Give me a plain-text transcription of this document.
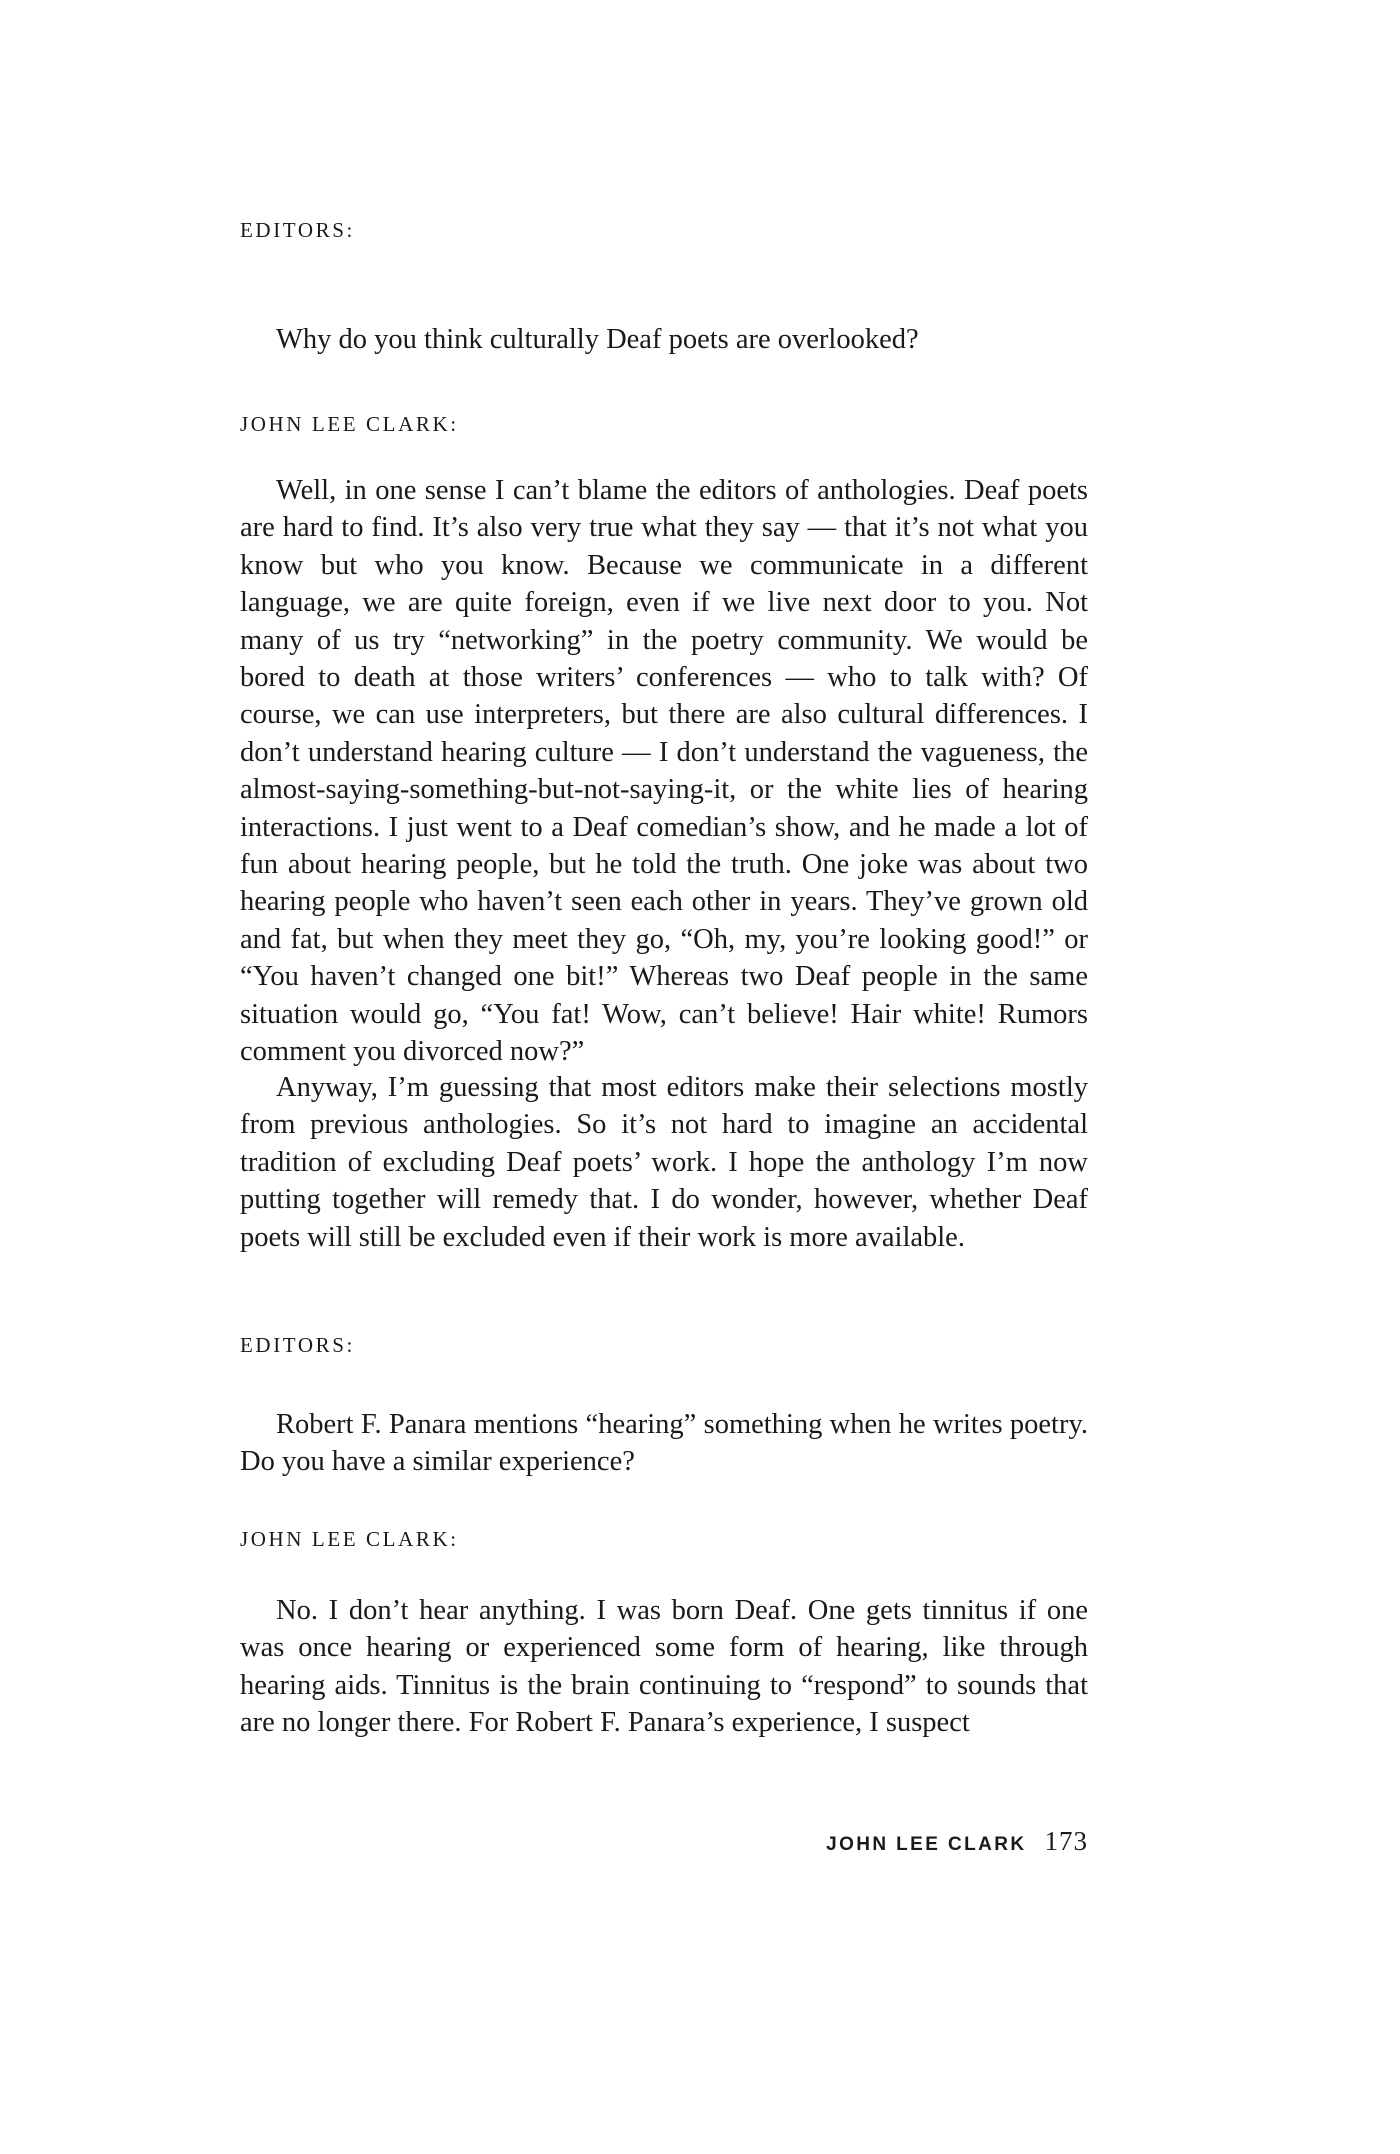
EDITORS:

Why do you think culturally Deaf poets are overlooked?

JOHN LEE CLARK:

Well, in one sense I can’t blame the editors of anthologies. Deaf poets are hard to find. It’s also very true what they say — that it’s not what you know but who you know. Because we communicate in a different language, we are quite foreign, even if we live next door to you. Not many of us try “networking” in the poetry community. We would be bored to death at those writers’ conferences — who to talk with? Of course, we can use interpreters, but there are also cultural differences. I don’t understand hearing culture — I don’t understand the vagueness, the almost-saying-something-but-not-saying-it, or the white lies of hearing interactions. I just went to a Deaf comedian’s show, and he made a lot of fun about hearing people, but he told the truth. One joke was about two hearing people who haven’t seen each other in years. They’ve grown old and fat, but when they meet they go, “Oh, my, you’re looking good!” or “You haven’t changed one bit!” Whereas two Deaf people in the same situation would go, “You fat! Wow, can’t believe! Hair white! Rumors comment you divorced now?”

Anyway, I’m guessing that most editors make their selections mostly from previous anthologies. So it’s not hard to imagine an accidental tradition of excluding Deaf poets’ work. I hope the anthology I’m now putting together will remedy that. I do wonder, however, whether Deaf poets will still be excluded even if their work is more available.

EDITORS:

Robert F. Panara mentions “hearing” something when he writes poetry. Do you have a similar experience?

JOHN LEE CLARK:

No. I don’t hear anything. I was born Deaf. One gets tinnitus if one was once hearing or experienced some form of hearing, like through hearing aids. Tinnitus is the brain continuing to “respond” to sounds that are no longer there. For Robert F. Panara’s experience, I suspect

JOHN LEE CLARK 173
